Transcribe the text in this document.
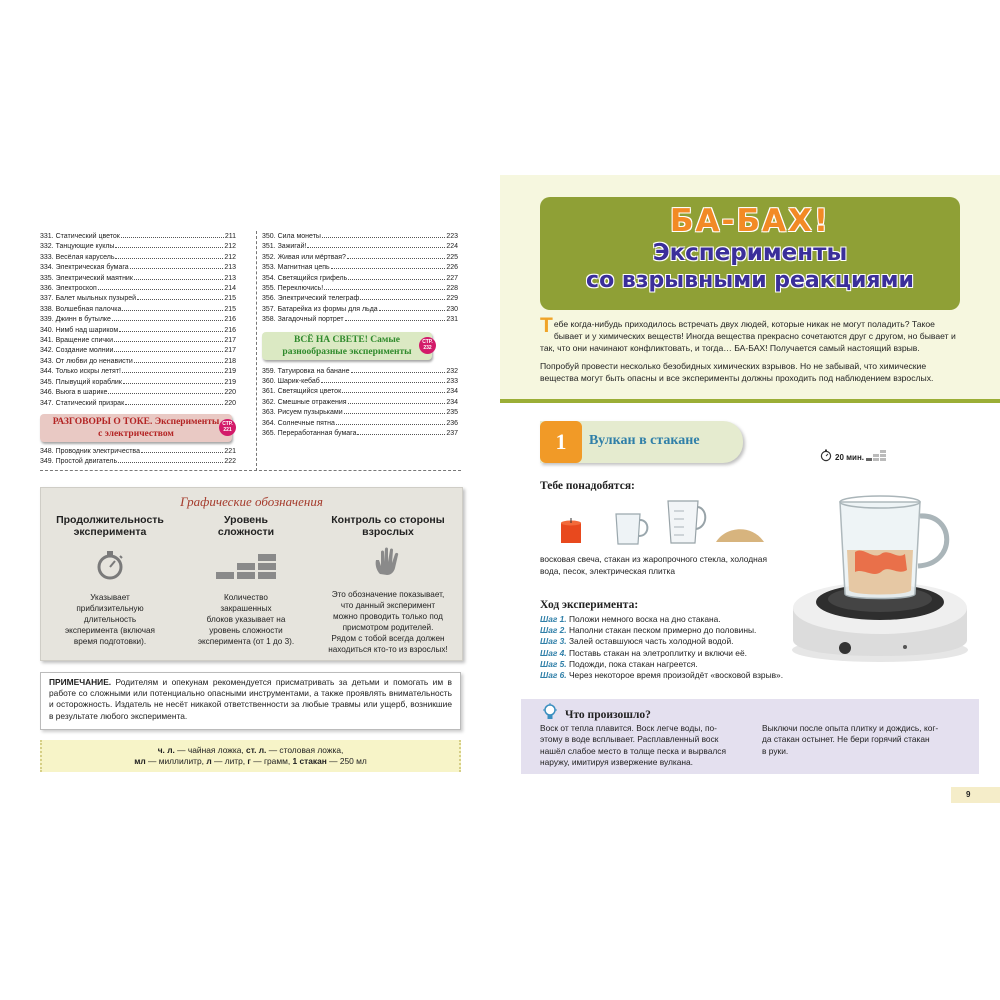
331. Статический цветок	211
332. Танцующие куклы	212
333. Весёлая карусель	212
334. Электрическая бумага	213
335. Электрический маятник	213
336. Электроскоп	214
337. Балет мыльных пузырей	215
338. Волшебная палочка	215
339. Джинн в бутылке	216
340. Нимб над шариком	216
341. Вращение спички	217
342. Создание молнии	217
343. От любви до ненависти	218
344. Только искры летят!	219
345. Плывущий кораблик	219
346. Вьюга в шарике	220
347. Статический призрак	220
РАЗГОВОРЫ О ТОКЕ. Эксперименты
с электричеством
СТР.
221
348. Проводник электричества	221
349. Простой двигатель	222
350. Сила монеты	223
351. Зажигай!	224
352. Живая или мёртвая?	225
353. Магнитная цепь	226
354. Светящийся грифель	227
355. Переключись!	228
356. Электрический телеграф	229
357. Батарейка из формы для льда	230
358. Загадочный портрет	231
ВСЁ НА СВЕТЕ! Самые
разнообразные эксперименты
СТР.
232
359. Татуировка на банане	232
360. Шарик-кебаб	233
361. Светящийся цветок	234
362. Смешные отражения	234
363. Рисуем пузырьками	235
364. Солнечные пятна	236
365. Переработанная бумага	237
Графические обозначения
Продолжительность
эксперимента
Указывает
приблизительную
длительность
эксперимента (включая
время подготовки).
Уровень
сложности
Количество
закрашенных
блоков указывает на
уровень сложности
эксперимента (от 1 до 3).
Контроль со стороны
взрослых
Это обозначение показывает,
что данный эксперимент
можно проводить только под
присмотром родителей.
Рядом с тобой всегда должен
находиться кто-то из взрослых!
ПРИМЕЧАНИЕ. Родителям и опекунам рекомендуется присматривать за детьми и помогать им в работе со сложными или потенциально опасными инструментами, а также проявлять внимательность и осторожность. Издатель не несёт никакой ответственности за любые травмы или ущерб, возникшие в результате любого эксперимента.
ч. л. — чайная ложка, ст. л. — столовая ложка,
мл — миллилитр, л — литр, г — грамм, 1 стакан — 250 мл
БА-БАХ!
Эксперименты
со взрывными реакциями

Тебе когда-нибудь приходилось встречать двух людей, которые никак не могут поладить? Такое бывает и у химических веществ! Иногда вещества прекрасно сочетаются друг с другом, но бывает и так, что они начинают конфликтовать, и тогда… БА-БАХ! Получается самый настоящий взрыв.

Попробуй провести несколько безобидных химических взрывов. Но не забывай, что химические вещества могут быть опасны и все эксперименты должны проходить под наблюдением взрослых.

1	Вулкан в стакане
20 мин.
Тебе понадобятся:
восковая свеча, стакан из жаропрочного стекла, холодная
вода, песок, электрическая плитка
Ход эксперимента:
Шаг 1. Положи немного воска на дно стакана.
Шаг 2. Наполни стакан песком примерно до половины.
Шаг 3. Залей оставшуюся часть холодной водой.
Шаг 4. Поставь стакан на элетроплитку и включи её.
Шаг 5. Подожди, пока стакан нагреется.
Шаг 6. Через некоторое время произойдёт «восковой взрыв».
Что произошло?
Воск от тепла плавится. Воск легче воды, по-
этому в воде всплывает. Расплавленный воск
нашёл слабое место в толще песка и вырвался
наружу, имитируя извержение вулкана.
Выключи после опыта плитку и дождись, ког-
да стакан остынет. Не бери горячий стакан
в руки.
9
